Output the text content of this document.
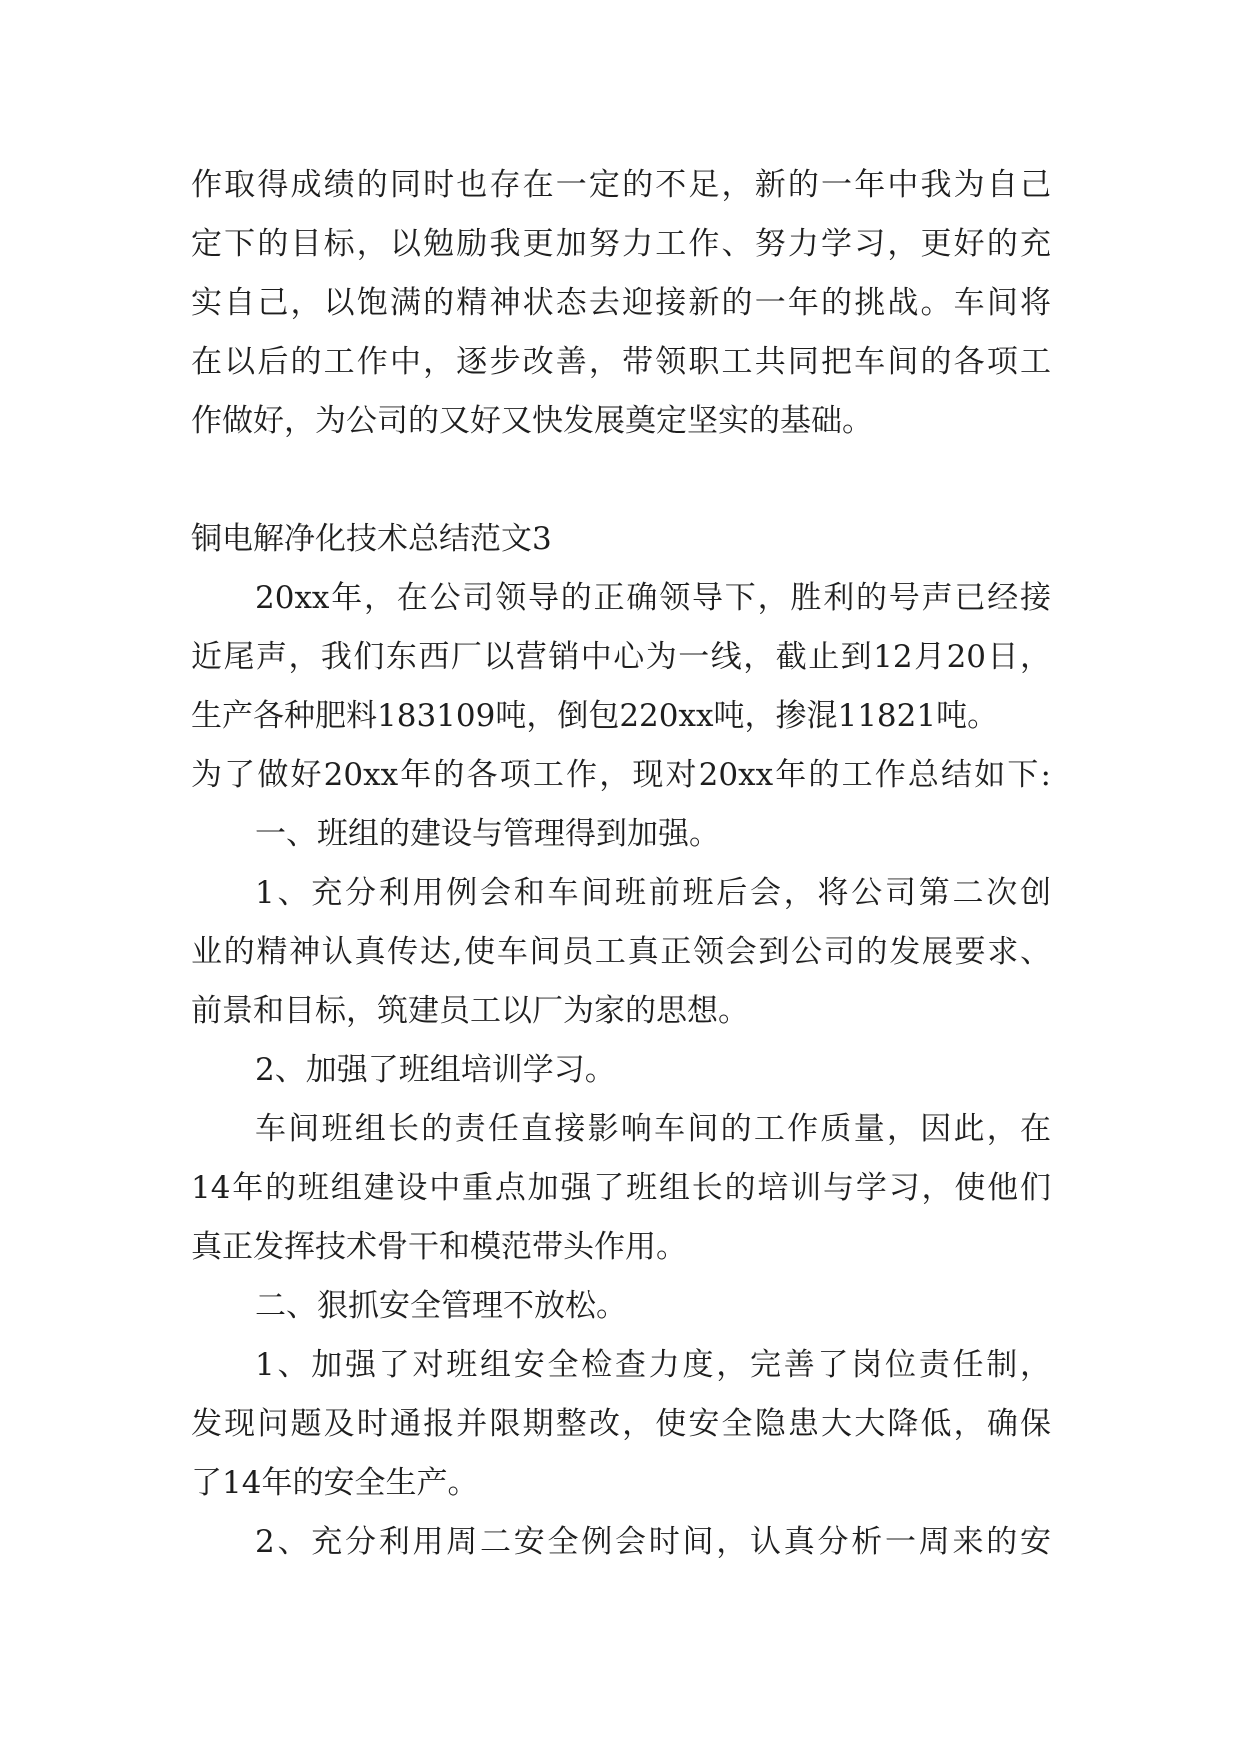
作取得成绩的同时也存在一定的不足，新的一年中我为自己
定下的目标，以勉励我更加努力工作、努力学习，更好的充
实自己，以饱满的精神状态去迎接新的一年的挑战。车间将
在以后的工作中，逐步改善，带领职工共同把车间的各项工
作做好，为公司的又好又快发展奠定坚实的基础。
铜电解净化技术总结范文3
20xx年，在公司领导的正确领导下，胜利的号声已经接
近尾声，我们东西厂以营销中心为一线，截止到12月20日，
生产各种肥料183109吨，倒包220xx吨，掺混11821吨。
为了做好20xx年的各项工作，现对20xx年的工作总结如下:
一、班组的建设与管理得到加强。
1、充分利用例会和车间班前班后会，将公司第二次创
业的精神认真传达,使车间员工真正领会到公司的发展要求、
前景和目标，筑建员工以厂为家的思想。
2、加强了班组培训学习。
车间班组长的责任直接影响车间的工作质量，因此，在
14年的班组建设中重点加强了班组长的培训与学习，使他们
真正发挥技术骨干和模范带头作用。
二、狠抓安全管理不放松。
1、加强了对班组安全检查力度，完善了岗位责任制，
发现问题及时通报并限期整改，使安全隐患大大降低，确保
了14年的安全生产。
2、充分利用周二安全例会时间，认真分析一周来的安
